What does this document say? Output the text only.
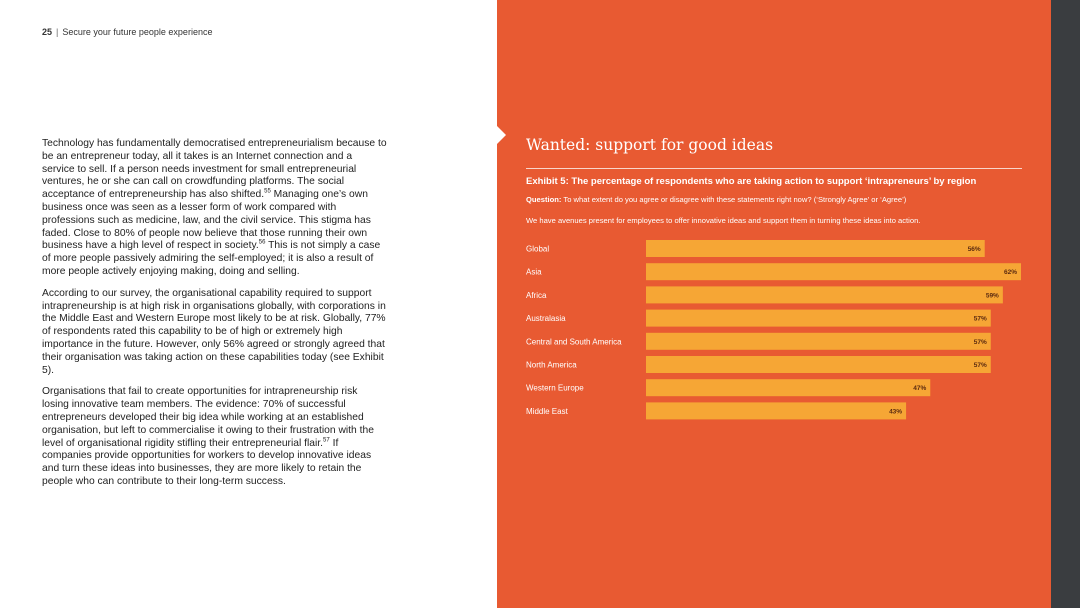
25 | Secure your future people experience

Technology has fundamentally democratised entrepreneurialism because to be an entrepreneur today, all it takes is an Internet connection and a service to sell. If a person needs investment for small entrepreneurial ventures, he or she can call on crowdfunding platforms. The social acceptance of entrepreneurship has also shifted.$^{55}$ Managing one’s own business once was seen as a lesser form of work compared with professions such as medicine, law, and the civil service. This stigma has faded. Close to 80% of people now believe that those running their own business have a high level of respect in society.$^{56}$ This is not simply a case of more people passively admiring the self-employed; it is also a result of more people actively enjoying making, doing and selling.

According to our survey, the organisational capability required to support intrapreneurship is at high risk in organisations globally, with corporations in the Middle East and Western Europe most likely to be at risk. Globally, 77% of respondents rated this capability to be of high or extremely high importance in the future. However, only 56% agreed or strongly agreed that their organisation was taking action on these capabilities today (see Exhibit 5).

Organisations that fail to create opportunities for intrapreneurship risk losing innovative team members. The evidence: 70% of successful entrepreneurs developed their big idea while working at an established organisation, but left to commercialise it owing to their frustration with the level of organisational rigidity stifling their entrepreneurial flair.$^{57}$ If companies provide opportunities for workers to develop innovative ideas and turn these ideas into businesses, they are more likely to retain the people who can contribute to their long-term success.

Wanted: support for good ideas
Exhibit 5: The percentage of respondents who are taking action to support ‘intrapreneurs’ by region
Question: To what extent do you agree or disagree with these statements right now? (‘Strongly Agree’ or ‘Agree’)
We have avenues present for employees to offer innovative ideas and support them in turning these ideas into action.
Global	56%
Asia	62%
Africa	59%
Australasia	57%
Central and South America	57%
North America	57%
Western Europe	47%
Middle East	43%
